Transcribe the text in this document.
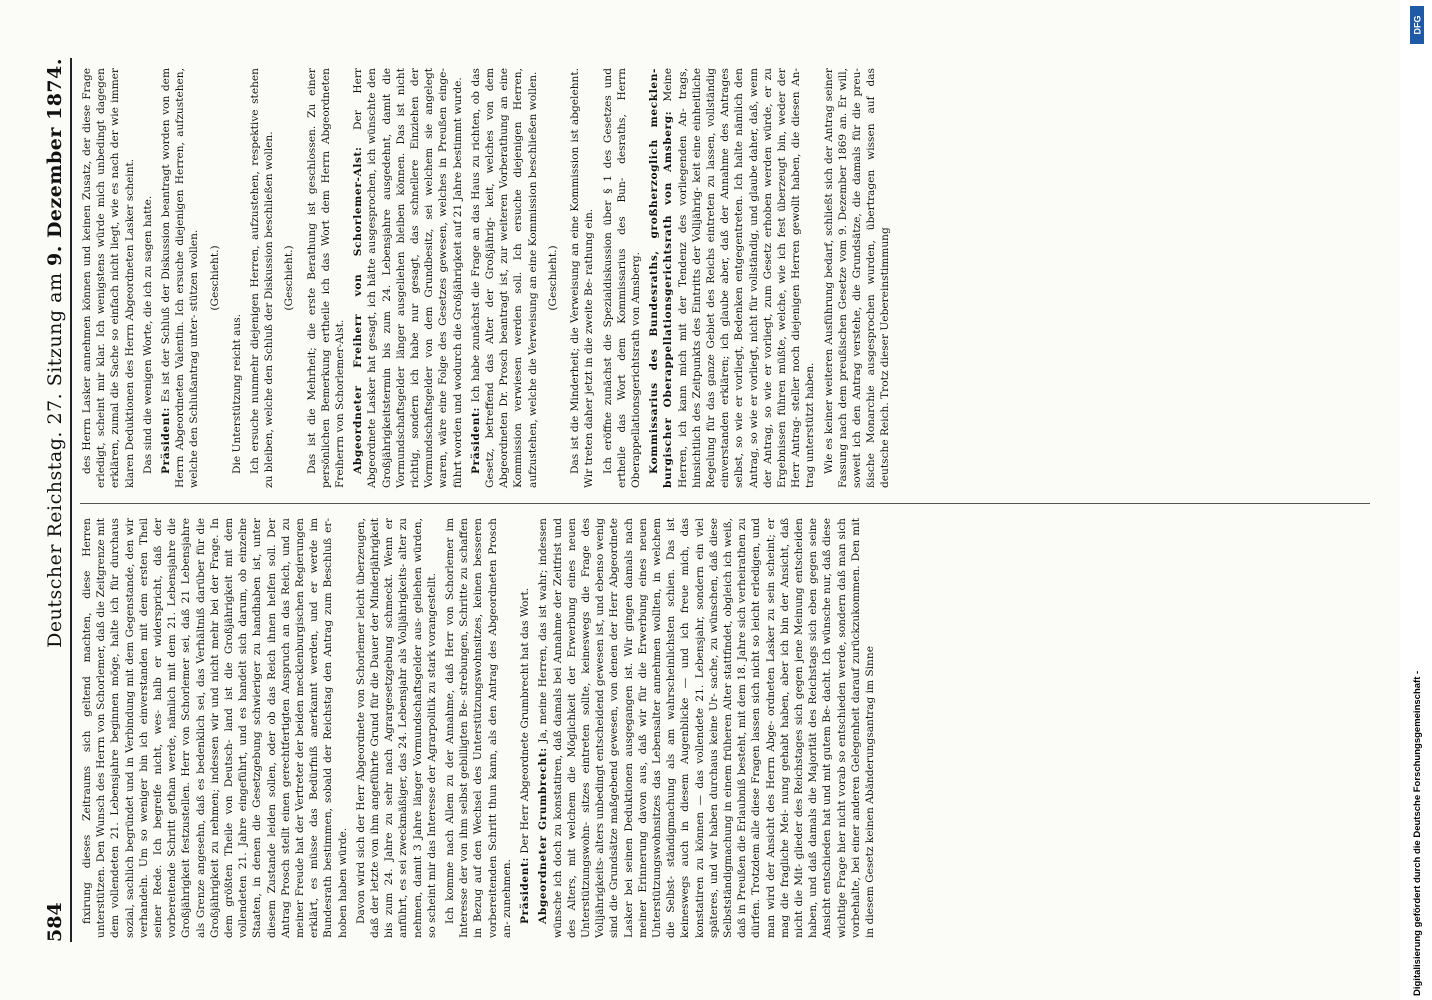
584
Deutscher Reichstag. 27. Sitzung am 9. Dezember 1874.

fixirung dieses Zeitraums sich geltend machten, diese Herren unterstützen. Den Wunsch des Herrn von Schorlemer, daß die Zeitgrenze mit dem vollendeten 21. Lebensjahre beginnen möge, halte ich für durchaus sozial, sachlich begründet und in Verbindung mit dem Gegenstande, den wir verhandeln. Um so weniger bin ich einverstanden mit dem ersten Theil seiner Rede. Ich begreife nicht, wes- halb er widerspricht, daß der vorbereitende Schritt gethan werde, nämlich mit dem 21. Lebensjahre die Großjährigkeit festzustellen. Herr von Schorlemer sei, daß 21 Lebensjahre als Grenze angesehn, daß es bedenklich sei, das Verhältniß darüber für die Großjährigkeit zu nehmen; indessen wir und nicht mehr bei der Frage. In dem größten Theile von Deutsch- land ist die Großjährigkeit mit dem vollendeten 21. Jahre eingeführt, und es handelt sich darum, ob einzelne Staaten, in denen die Gesetzgebung schwieriger zu handhaben ist, unter diesem Zustande leiden sollen, oder ob das Reich ihnen helfen soll. Der Antrag Prosch stellt einen gerechtfertigten Anspruch an das Reich, und zu meiner Freude hat der Vertreter der beiden mecklenburgischen Regierungen erklärt, es müsse das Bedürfniß anerkannt werden, und er werde im Bundesrath bestimmen, sobald der Reichstag den Antrag zum Beschluß er- hoben haben würde. Davon wird sich der Herr Abgeordnete von Schorlemer leicht überzeugen, daß der letzte von ihm angeführte Grund für die Dauer der Minderjährigkeit bis zum 24. Jahre zu sehr nach Agrargesetzgebung schmeckt. Wenn er anführt, es sei zweckmäßiger, das 24. Lebensjahr als Volljährigkeits- alter zu nehmen, damit 3 Jahre länger Vormundschaftsgelder aus- geliehen würden, so scheint mir das Interesse der Agrarpolitik zu stark vorangestellt. Ich komme nach Allem zu der Annahme, daß Herr von Schorlemer im Interesse der von ihm selbst gebilligten Be- strebungen, Schritte zu schaffen in Bezug auf den Wechsel des Unterstützungswohnsitzes, keinen besseren vorbereitenden Schritt thun kann, als den Antrag des Abgeordneten Prosch an- zunehmen. Präsident: Der Herr Abgeordnete Grumbrecht hat das Wort. Abgeordneter Grumbrecht: Ja, meine Herren, das ist wahr; indessen wünsche ich doch zu konstatiren, daß damals bei Annahme der Zeitfrist und des Alters, mit welchem die Möglichkeit der Erwerbung eines neuen Unterstützungswohn- sitzes eintreten sollte, keineswegs die Frage des Volljährigkeits- alters unbedingt entscheidend gewesen ist, und ebenso wenig sind die Grundsätze maßgebend gewesen, von denen der Herr Abgeordnete Lasker bei seinen Deduktionen ausgegangen ist. Wir gingen damals nach meiner Erinnerung davon aus, daß wir für die Erwerbung eines neuen Unterstützungswohnsitzes das Lebensalter annehmen wollten, in welchem die Selbst- ständigmachung als am wahrscheinlichsten schien. Das ist keineswegs auch in diesem Augenblicke — und ich freue mich, das konstatiren zu können — das vollendete 21. Lebensjahr, sondern ein viel späteres, und wir haben durchaus keine Ur- sache, zu wünschen, daß diese Selbstständigmachung in einem früheren Alter stattfindet, obgleich ich weiß, daß in Preußen die Erlaubniß besteht, mit dem 18. Jahre sich verheirathen zu dürfen. Trotzdem alle diese Fragen lassen sich nicht so leicht erledigen, und man wird der Ansicht des Herrn Abge- ordneten Lasker zu sein scheint; er mag die fragliche Mei- nung gehabt haben, aber ich bin der Ansicht, daß nicht die Mit- glieder des Reichstages sich gegen jene Meinung entscheiden haben, und daß damals die Majorität des Reichstags sich eben gegen seine Ansicht entschieden hat und mit gutem Be- dacht. Ich wünsche nur, daß diese wichtige Frage hier nicht vorab so entschieden werde, sondern daß man sich vorbehalte, bei einer anderen Gelegenheit darauf zurückzukommen. Den mit in diesem Gesetz keinen Abänderungsantrag im Sinne

des Herrn Lasker annehmen können und keinen Zusatz, der diese Frage erledigt, scheint mir klar. Ich wenigstens würde mich unbedingt dagegen erklären, zumal die Sache so einfach nicht liegt, wie es nach der wie immer klaren Deduktionen des Herrn Abgeordneten Lasker scheint. Das sind die wenigen Worte, die ich zu sagen hatte. Präsident: Es ist der Schluß der Diskussion beantragt worden von dem Herrn Abgeordneten Valentin. Ich ersuche diejenigen Herren, aufzustehen, welche den Schlußantrag unter- stützen wollen. (Geschieht.)

Die Unterstützung reicht aus. Ich ersuche nunmehr diejenigen Herren, aufzustehen, respektive stehen zu bleiben, welche den Schluß der Diskussion beschließen wollen. (Geschieht.) Das ist die Mehrheit; die erste Berathung ist geschlossen. Zu einer persönlichen Bemerkung ertheile ich das Wort dem Herrn Abgeordneten Freiherrn von Schorlemer-Alst. Abgeordneter Freiherr von Schorlemer-Alst: Der Herr Abgeordnete Lasker hat gesagt, ich hätte ausgesprochen, ich wünschte den Großjährigkeitstermin bis zum 24. Lebensjahre ausgedehnt, damit die Vormundschaftsgelder länger ausgeliehen bleiben können. Das ist nicht richtig, sondern ich habe nur gesagt, das schnellere Einziehen der Vormundschaftsgelder von dem Grundbesitz, sei welchem sie angelegt waren, wäre eine Folge des Gesetzes gewesen, welches in Preußen einge- führt worden und wodurch die Großjährigkeit auf 21 Jahre bestimmt wurde. Präsident: Ich habe zunächst die Frage an das Haus zu richten, ob das Gesetz, betreffend das Alter der Großjährig- keit, welches von dem Abgeordneten Dr. Prosch beantragt ist, zur weiteren Vorberathung an eine Kommission verwiesen werden soll. Ich ersuche diejenigen Herren, aufzustehen, welche die Verweisung an eine Kommission beschließen wollen. (Geschieht.) Das ist die Minderheit; die Verweisung an eine Kommission ist abgelehnt. Wir treten daher jetzt in die zweite Be- rathung ein. Ich eröffne zunächst die Spezialdiskussion über § 1 des Gesetzes und ertheile das Wort dem Kommissarius des Bun- desraths, Herrn Oberappellationsgerichtsrath von Amsberg. Kommissarius des Bundesraths, großherzoglich mecklen- burgischer Oberappellationsgerichtsrath von Amsberg: Meine Herren, ich kann mich mit der Tendenz des vorliegenden An- trags, hinsichtlich des Zeitpunkts des Eintritts der Volljährig- keit eine einheitliche Regelung für das ganze Gebiet des Reichs eintreten zu lassen, vollständig einverstanden erklären; ich glaube aber, daß der Annahme des Antrages selbst, so wie er vorliegt, Bedenken entgegentreten. Ich halte nämlich den Antrag, so wie er vorliegt, nicht für vollständig, und glaube daher, daß, wenn der Antrag, so wie er vorliegt, zum Gesetz erhoben werden würde, er zu Ergebnissen führen müßte, welche, wie ich fest überzeugt bin, weder der Herr Antrag- steller noch diejenigen Herren gewollt haben, die diesen An- trag unterstützt haben. Wie es keiner weiteren Ausführung bedarf, schließt sich der Antrag seiner Fassung nach dem preußischen Gesetze vom 9. Dezember 1869 an. Er will, soweit ich den Antrag verstehe, die Grundsätze, die damals für die preu- ßische Monarchie ausgesprochen wurden, übertragen wissen auf das deutsche Reich. Trotz dieser Uebereinstimmung

DFG
Digitalisierung gefördert durch die Deutsche Forschungsgemeinschaft -
